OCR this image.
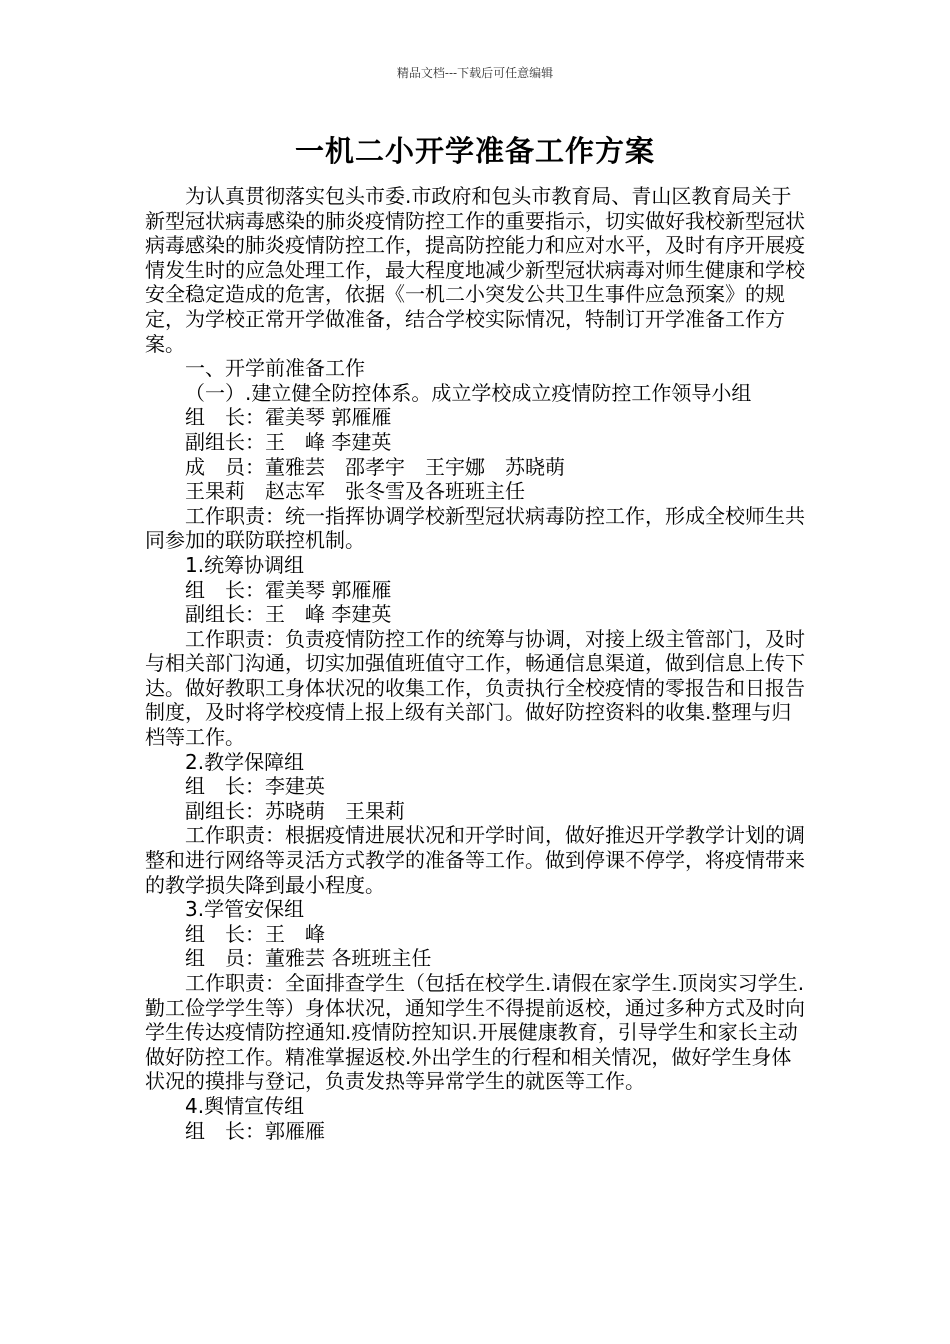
精品文档---下载后可任意编辑
一机二小开学准备工作方案

为认真贯彻落实包头市委.市政府和包头市教育局、青山区教育局关于新型冠状病毒感染的肺炎疫情防控工作的重要指示，切实做好我校新型冠状病毒感染的肺炎疫情防控工作，提高防控能力和应对水平，及时有序开展疫情发生时的应急处理工作，最大程度地减少新型冠状病毒对师生健康和学校安全稳定造成的危害，依据《一机二小突发公共卫生事件应急预案》的规定，为学校正常开学做准备，结合学校实际情况，特制订开学准备工作方案。

一、开学前准备工作

（一）.建立健全防控体系。成立学校成立疫情防控工作领导小组

组　长：霍美琴 郭雁雁

副组长：王　峰 李建英

成　员：董雅芸　邵孝宇　王宇娜　苏晓萌

王果莉　赵志军　张冬雪及各班班主任

工作职责：统一指挥协调学校新型冠状病毒防控工作，形成全校师生共同参加的联防联控机制。

1.统筹协调组

组　长：霍美琴 郭雁雁

副组长：王　峰 李建英

工作职责：负责疫情防控工作的统筹与协调，对接上级主管部门，及时与相关部门沟通，切实加强值班值守工作，畅通信息渠道，做到信息上传下达。做好教职工身体状况的收集工作，负责执行全校疫情的零报告和日报告制度，及时将学校疫情上报上级有关部门。做好防控资料的收集.整理与归档等工作。

2.教学保障组

组　长：李建英

副组长：苏晓萌　王果莉

工作职责：根据疫情进展状况和开学时间，做好推迟开学教学计划的调整和进行网络等灵活方式教学的准备等工作。做到停课不停学，将疫情带来的教学损失降到最小程度。

3.学管安保组

组　长：王　峰

组　员：董雅芸 各班班主任

工作职责：全面排查学生（包括在校学生.请假在家学生.顶岗实习学生.勤工俭学学生等）身体状况，通知学生不得提前返校，通过多种方式及时向学生传达疫情防控通知.疫情防控知识.开展健康教育，引导学生和家长主动做好防控工作。精准掌握返校.外出学生的行程和相关情况，做好学生身体状况的摸排与登记，负责发热等异常学生的就医等工作。

4.舆情宣传组

组　长：郭雁雁
